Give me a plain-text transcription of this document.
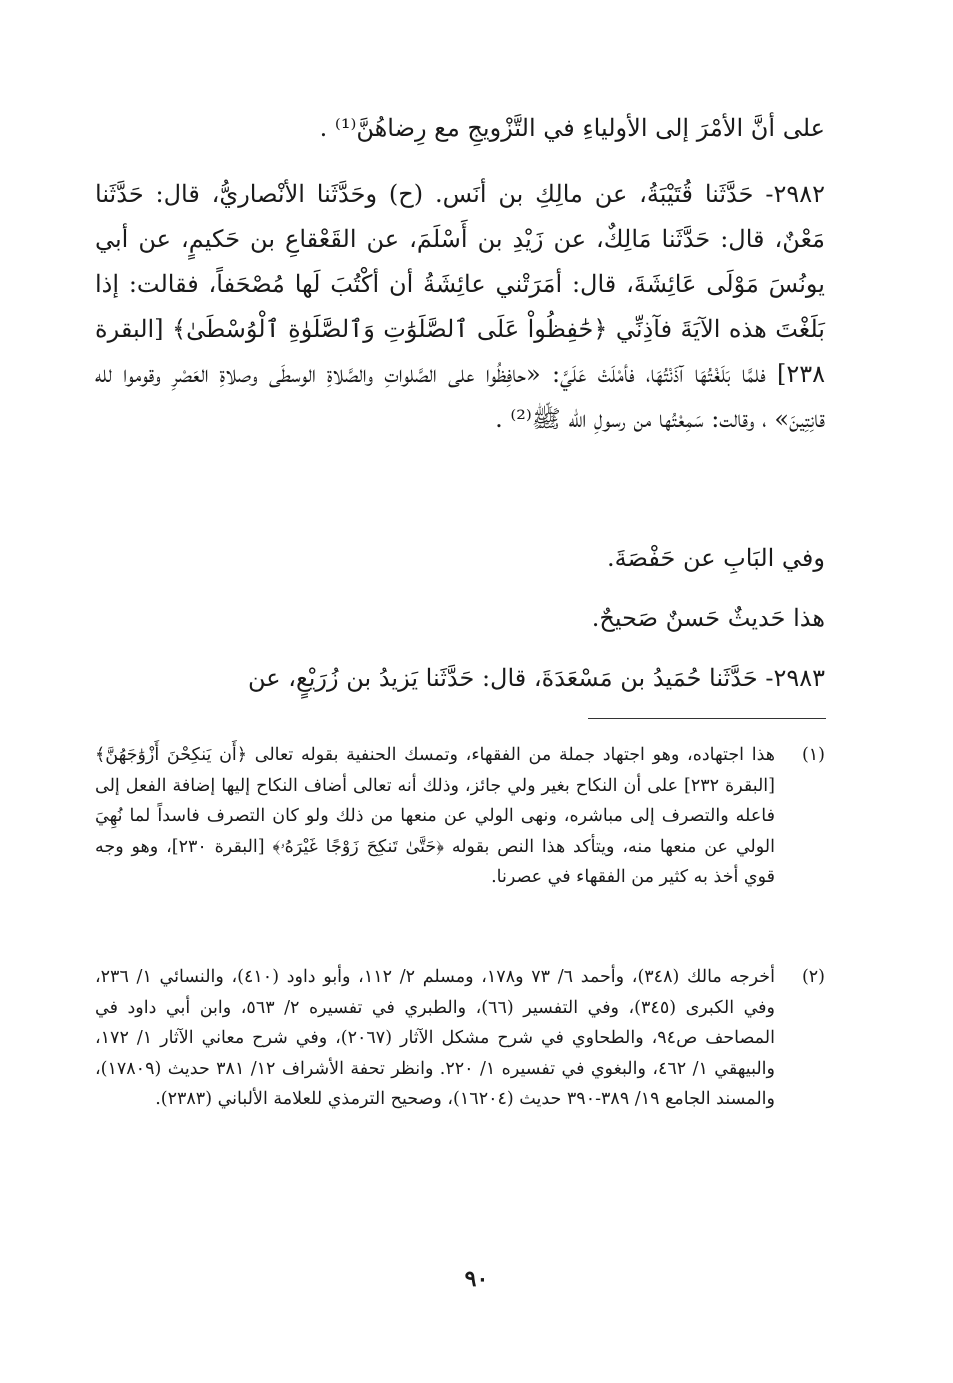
على أنَّ الأمْرَ إلى الأولياءِ في التَّزْويجِ مع رِضاهُنَّ⁽¹⁾ .
٢٩٨٢- حَدَّثَنا قُتَيْبَةُ، عن مالِكِ بن أنَس. (ح) وحَدَّثَنا الأنْصاريُّ، قال: حَدَّثَنا مَعْنٌ، قال: حَدَّثَنا مَالِكٌ، عن زَيْدِ بن أَسْلَمَ، عن القَعْقاعِ بن حَكيمٍ، عن أبي يونُسَ مَوْلَى عَائِشَةَ، قال: أمَرَتْني عائِشَةُ أن أكْتُبَ لَها مُصْحَفاً، فقالت: إذا بَلَغْتَ هذه الآيَةَ فآذِنِّي ﴿حَٰفِظُواْ عَلَى ٱلصَّلَوَٰتِ وَٱلصَّلَوٰةِ ٱلْوُسْطَىٰ﴾ [البقرة ٢٣٨] فلمَّا بَلَغْتُهَا آذَنْتُهَا، فأمْلَتْ عَلَيَّ: «حافِظُوا على الصَّلواتِ والصَّلاةِ الوسطَى وصلاةِ العَصْرِ وقوموا لله قانِتِينَ» ، وقالت: سَمِعْتُها من رسولِ الله ﷺ⁽²⁾ .
وفي البَابِ عن حَفْصَةَ.
هذا حَديثٌ حَسنٌ صَحيحٌ.
٢٩٨٣- حَدَّثَنا حُمَيدُ بن مَسْعَدَةَ، قال: حَدَّثَنا يَزيدُ بن زُرَيْعٍ، عن
(١)
هذا اجتهاده، وهو اجتهاد جملة من الفقهاء، وتمسك الحنفية بقوله تعالى ﴿أَن يَنكِحْنَ أَزْوَٰجَهُنَّ﴾ [البقرة ٢٣٢] على أن النكاح بغير ولي جائز، وذلك أنه تعالى أضاف النكاح إليها إضافة الفعل إلى فاعله والتصرف إلى مباشره، ونهى الولي عن منعها من ذلك ولو كان التصرف فاسداً لما نُهِيَ الولي عن منعها منه، ويتأكد هذا النص بقوله ﴿حَتَّىٰ تَنكِحَ زَوْجًا غَيْرَهُۥ﴾ [البقرة ٢٣٠]، وهو وجه قوي أخذ به كثير من الفقهاء في عصرنا.
(٢)
أخرجه مالك (٣٤٨)، وأحمد ٦/ ٧٣ و١٧٨، ومسلم ٢/ ١١٢، وأبو داود (٤١٠)، والنسائي ١/ ٢٣٦، وفي الكبرى (٣٤٥)، وفي التفسير (٦٦)، والطبري في تفسيره ٢/ ٥٦٣، وابن أبي داود في المصاحف ص٩٤، والطحاوي في شرح مشكل الآثار (٢٠٦٧)، وفي شرح معاني الآثار ١/ ١٧٢، والبيهقي ١/ ٤٦٢، والبغوي في تفسيره ١/ ٢٢٠. وانظر تحفة الأشراف ١٢/ ٣٨١ حديث (١٧٨٠٩)، والمسند الجامع ١٩/ ٣٨٩-٣٩٠ حديث (١٦٢٠٤)، وصحيح الترمذي للعلامة الألباني (٢٣٨٣).
٩٠
